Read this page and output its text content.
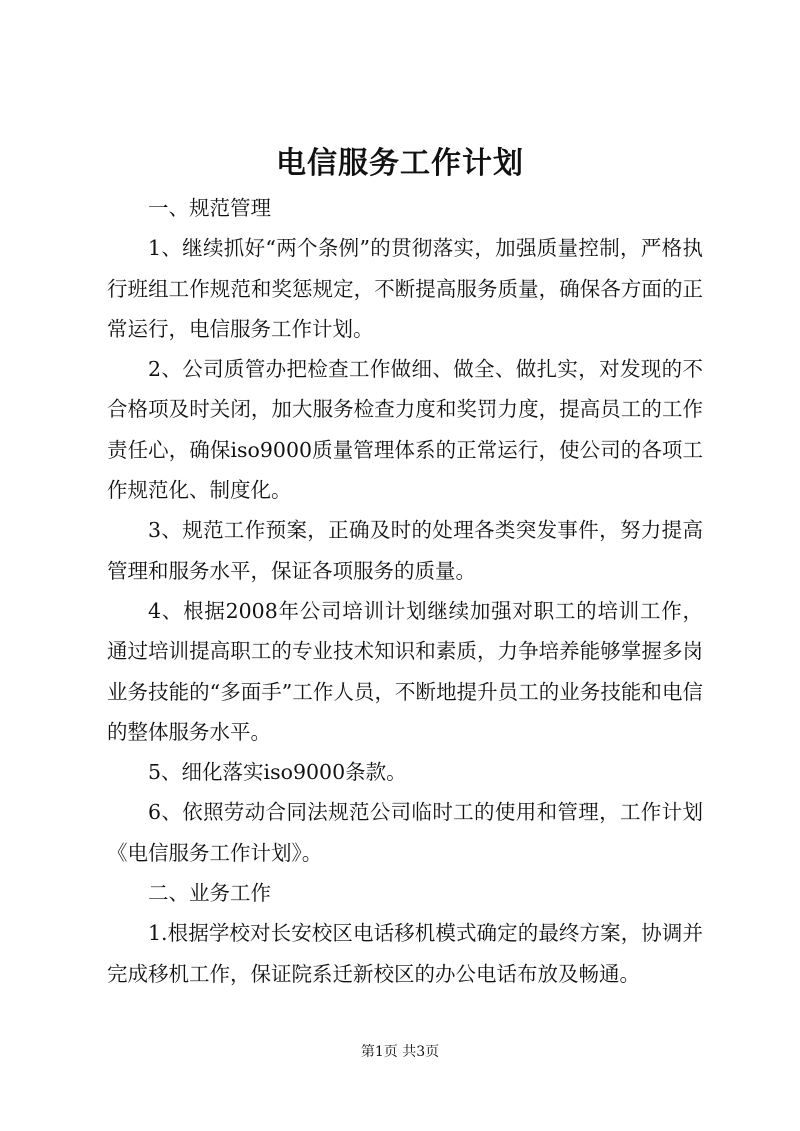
电信服务工作计划

一、规范管理

1、继续抓好“两个条例”的贯彻落实，加强质量控制，严格执行班组工作规范和奖惩规定，不断提高服务质量，确保各方面的正常运行，电信服务工作计划。

2、公司质管办把检查工作做细、做全、做扎实，对发现的不合格项及时关闭，加大服务检查力度和奖罚力度，提高员工的工作责任心，确保iso9000质量管理体系的正常运行，使公司的各项工作规范化、制度化。

3、规范工作预案，正确及时的处理各类突发事件，努力提高管理和服务水平，保证各项服务的质量。

4、根据2008年公司培训计划继续加强对职工的培训工作，通过培训提高职工的专业技术知识和素质，力争培养能够掌握多岗业务技能的“多面手”工作人员，不断地提升员工的业务技能和电信的整体服务水平。

5、细化落实iso9000条款。

6、依照劳动合同法规范公司临时工的使用和管理，工作计划《电信服务工作计划》。

二、业务工作

1.根据学校对长安校区电话移机模式确定的最终方案，协调并完成移机工作，保证院系迁新校区的办公电话布放及畅通。

第1页 共3页
